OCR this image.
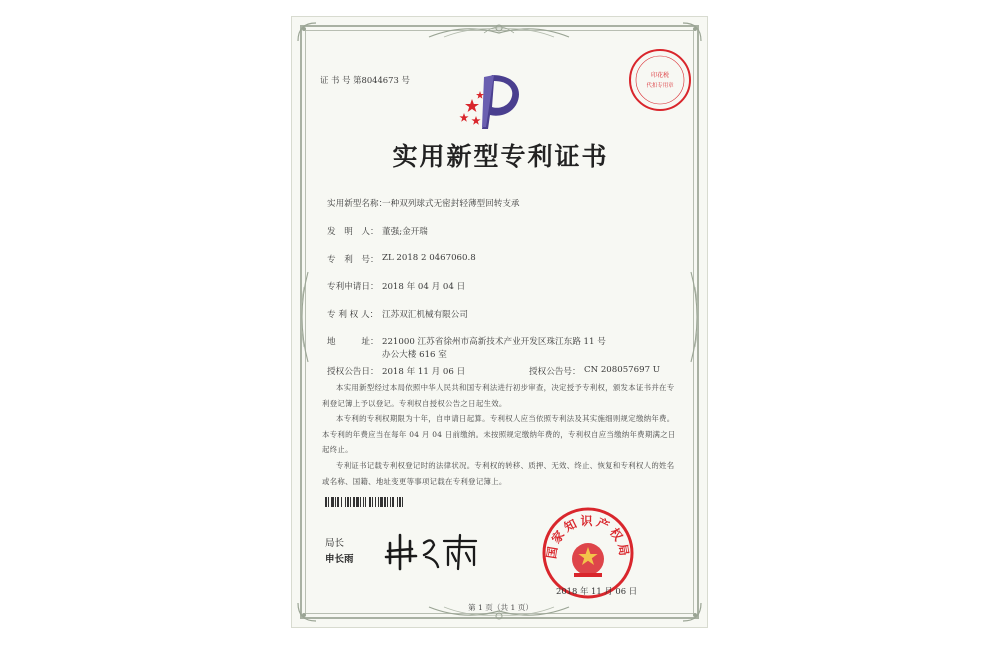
证 书 号 第8044673 号	印花税
代扣专用章
实用新型专利证书
实用新型名称：
一种双列球式无密封轻薄型回转支承
发　明　人： 董强;金开瑞
专　利　号： ZL 2018 2 0467060.8
专利申请日： 2018 年 04 月 04 日
专 利 权 人： 江苏双汇机械有限公司
地　　　址： 221000 江苏省徐州市高新技术产业开发区珠江东路 11 号
办公大楼 616 室
授权公告日： 2018 年 11 月 06 日	授权公告号： CN 208057697 U
本实用新型经过本局依照中华人民共和国专利法进行初步审查，决定授予专利权，颁发本证书并在专利登记簿上予以登记。专利权自授权公告之日起生效。
本专利的专利权期限为十年，自申请日起算。专利权人应当依照专利法及其实施细则规定缴纳年费。本专利的年费应当在每年 04 月 04 日前缴纳。未按照规定缴纳年费的，专利权自应当缴纳年费期满之日起终止。
专利证书记载专利权登记时的法律状况。专利权的转移、质押、无效、终止、恢复和专利权人的姓名或名称、国籍、地址变更等事项记载在专利登记簿上。
局长
申长雨	国家知识产权局
2018 年 11 月 06 日
第 1 页（共 1 页）
